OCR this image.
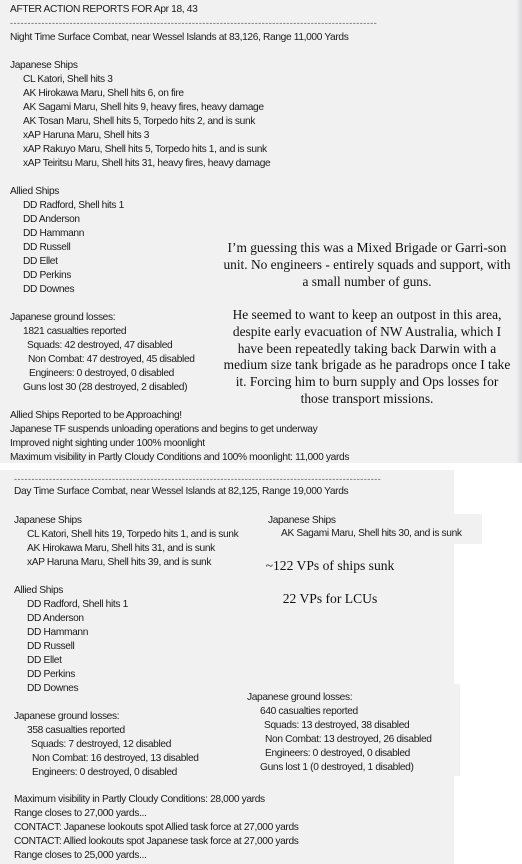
AFTER ACTION REPORTS FOR Apr 18, 43
---------------------------------------------------------------------------------------------------------
Night Time Surface Combat, near Wessel Islands at 83,126, Range 11,000 Yards
Japanese Ships
CL Katori, Shell hits 3
AK Hirokawa Maru, Shell hits 6, on fire
AK Sagami Maru, Shell hits 9, heavy fires, heavy damage
AK Tosan Maru, Shell hits 5, Torpedo hits 2, and is sunk
xAP Haruna Maru, Shell hits 3
xAP Rakuyo Maru, Shell hits 5, Torpedo hits 1, and is sunk
xAP Teiritsu Maru, Shell hits 31, heavy fires, heavy damage
Allied Ships
DD Radford, Shell hits 1
DD Anderson
DD Hammann
DD Russell
DD Ellet
DD Perkins
DD Downes
Japanese ground losses:
1821 casualties reported
Squads: 42 destroyed, 47 disabled
Non Combat: 47 destroyed, 45 disabled
Engineers: 0 destroyed, 0 disabled
Guns lost 30 (28 destroyed, 2 disabled)
Allied Ships Reported to be Approaching!
Japanese TF suspends unloading operations and begins to get underway
Improved night sighting under 100% moonlight
Maximum visibility in Partly Cloudy Conditions and 100% moonlight: 11,000 yards
I’m guessing this was a Mixed Brigade or Garri-son unit. No engineers - entirely squads and support, with a small number of guns.
He seemed to want to keep an outpost in this area, despite early evacuation of NW Australia, which I have been repeatedly taking back Darwin with a medium size tank brigade as he paradrops once I take it. Forcing him to burn supply and Ops losses for those transport missions.
---------------------------------------------------------------------------------------------------------
Day Time Surface Combat, near Wessel Islands at 82,125, Range 19,000 Yards
Japanese Ships
CL Katori, Shell hits 19, Torpedo hits 1, and is sunk
AK Hirokawa Maru, Shell hits 31, and is sunk
xAP Haruna Maru, Shell hits 39, and is sunk
Japanese Ships
~122 VPs of ships sunk
22 VPs for LCUs
Allied Ships
DD Radford, Shell hits 1
DD Anderson
DD Hammann
DD Russell
DD Ellet
DD Perkins
DD Downes
Japanese ground losses:
358 casualties reported
Squads: 7 destroyed, 12 disabled
Non Combat: 16 destroyed, 13 disabled
Engineers: 0 destroyed, 0 disabled
Japanese ground losses:
640 casualties reported
Squads: 13 destroyed, 38 disabled
Non Combat: 13 destroyed, 26 disabled
Engineers: 0 destroyed, 0 disabled
Guns lost 1 (0 destroyed, 1 disabled)
Maximum visibility in Partly Cloudy Conditions: 28,000 yards
Range closes to 27,000 yards...
CONTACT: Japanese lookouts spot Allied task force at 27,000 yards
CONTACT: Allied lookouts spot Japanese task force at 27,000 yards
Range closes to 25,000 yards...
AK Sagami Maru, Shell hits 30, and is sunk
